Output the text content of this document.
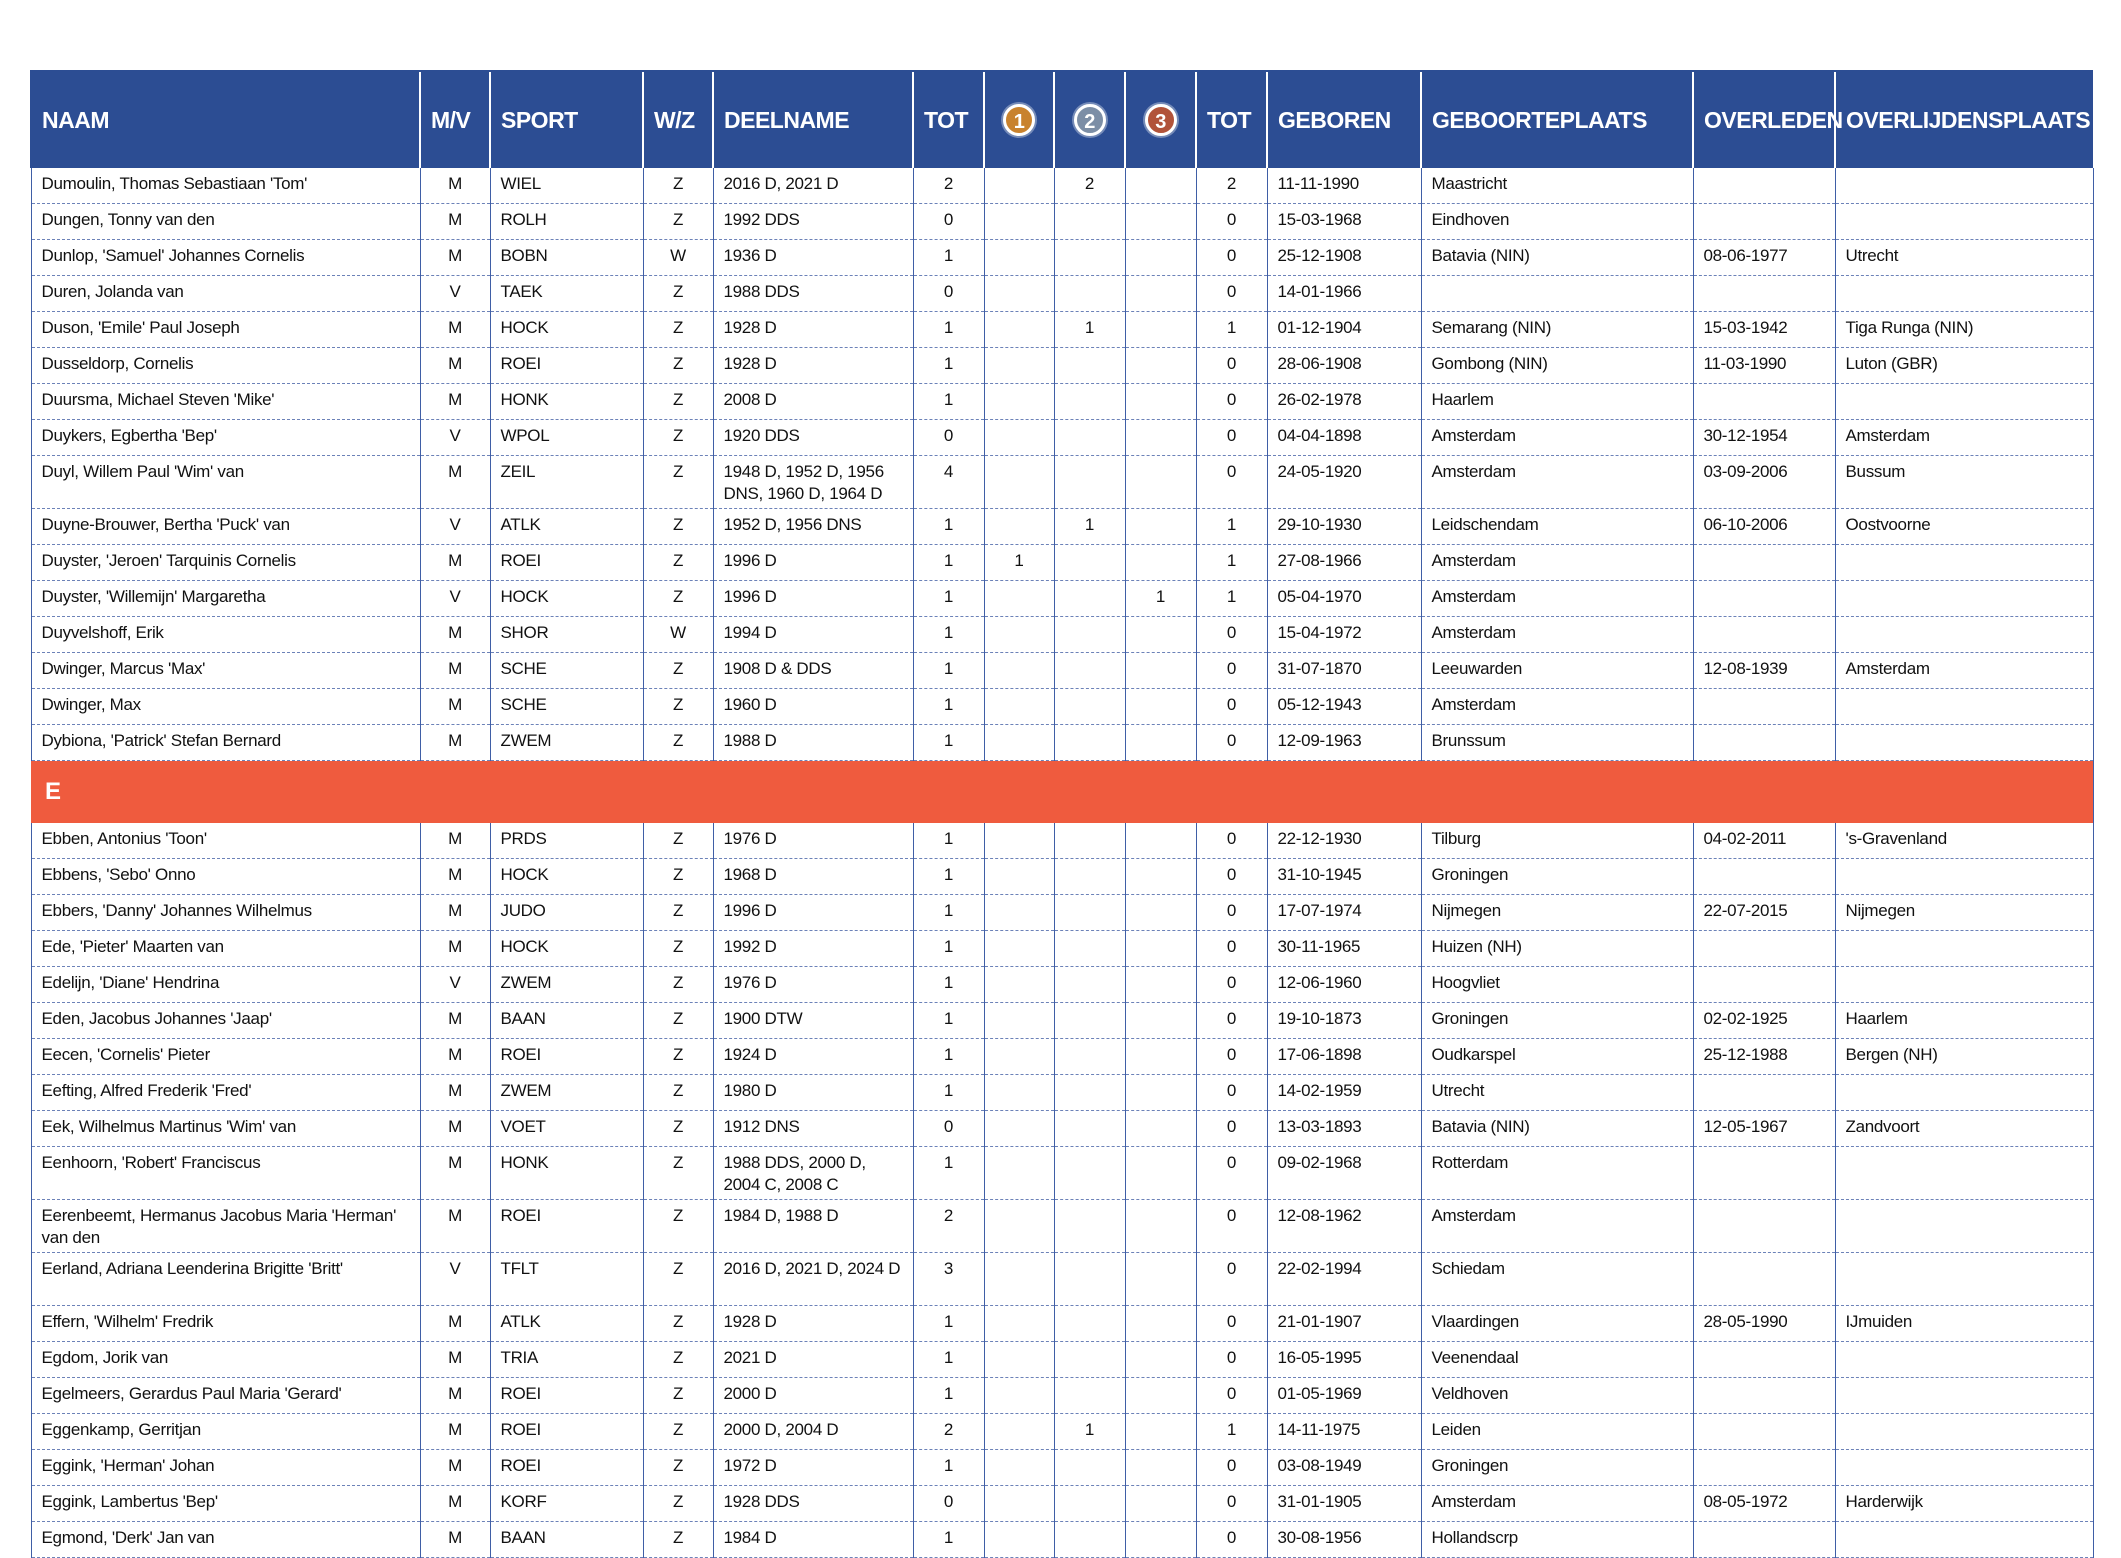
NAAM	M/V	SPORT	W/Z	DEELNAME	TOT	1	2	3	TOT	GEBOREN	GEBOORTEPLAATS	OVERLEDEN	OVERLIJDENSPLAATS
Dumoulin, Thomas Sebastiaan 'Tom'	M	WIEL	Z	2016 D, 2021 D	2		2		2	11-11-1990	Maastricht		
Dungen, Tonny van den	M	ROLH	Z	1992 DDS	0				0	15-03-1968	Eindhoven		
Dunlop, 'Samuel' Johannes Cornelis	M	BOBN	W	1936 D	1				0	25-12-1908	Batavia (NIN)	08-06-1977	Utrecht
Duren, Jolanda van	V	TAEK	Z	1988 DDS	0				0	14-01-1966			
Duson, 'Emile' Paul Joseph	M	HOCK	Z	1928 D	1		1		1	01-12-1904	Semarang (NIN)	15-03-1942	Tiga Runga (NIN)
Dusseldorp, Cornelis	M	ROEI	Z	1928 D	1				0	28-06-1908	Gombong (NIN)	11-03-1990	Luton (GBR)
Duursma, Michael Steven 'Mike'	M	HONK	Z	2008 D	1				0	26-02-1978	Haarlem		
Duykers, Egbertha 'Bep'	V	WPOL	Z	1920 DDS	0				0	04-04-1898	Amsterdam	30-12-1954	Amsterdam
Duyl, Willem Paul 'Wim' van	M	ZEIL	Z	1948 D, 1952 D, 1956 DNS, 1960 D, 1964 D	4				0	24-05-1920	Amsterdam	03-09-2006	Bussum
Duyne-Brouwer, Bertha 'Puck' van	V	ATLK	Z	1952 D, 1956 DNS	1		1		1	29-10-1930	Leidschendam	06-10-2006	Oostvoorne
Duyster, 'Jeroen' Tarquinis Cornelis	M	ROEI	Z	1996 D	1	1			1	27-08-1966	Amsterdam		
Duyster, 'Willemijn' Margaretha	V	HOCK	Z	1996 D	1			1	1	05-04-1970	Amsterdam		
Duyvelshoff, Erik	M	SHOR	W	1994 D	1				0	15-04-1972	Amsterdam		
Dwinger, Marcus 'Max'	M	SCHE	Z	1908 D & DDS	1				0	31-07-1870	Leeuwarden	12-08-1939	Amsterdam
Dwinger, Max	M	SCHE	Z	1960 D	1				0	05-12-1943	Amsterdam		
Dybiona, 'Patrick' Stefan Bernard	M	ZWEM	Z	1988 D	1				0	12-09-1963	Brunssum		
E													
Ebben, Antonius 'Toon'	M	PRDS	Z	1976 D	1				0	22-12-1930	Tilburg	04-02-2011	's-Gravenland
Ebbens, 'Sebo' Onno	M	HOCK	Z	1968 D	1				0	31-10-1945	Groningen		
Ebbers, 'Danny' Johannes Wilhelmus	M	JUDO	Z	1996 D	1				0	17-07-1974	Nijmegen	22-07-2015	Nijmegen
Ede, 'Pieter' Maarten van	M	HOCK	Z	1992 D	1				0	30-11-1965	Huizen (NH)		
Edelijn, 'Diane' Hendrina	V	ZWEM	Z	1976 D	1				0	12-06-1960	Hoogvliet		
Eden, Jacobus Johannes 'Jaap'	M	BAAN	Z	1900 DTW	1				0	19-10-1873	Groningen	02-02-1925	Haarlem
Eecen, 'Cornelis' Pieter	M	ROEI	Z	1924 D	1				0	17-06-1898	Oudkarspel	25-12-1988	Bergen (NH)
Eefting, Alfred Frederik 'Fred'	M	ZWEM	Z	1980 D	1				0	14-02-1959	Utrecht		
Eek, Wilhelmus Martinus 'Wim' van	M	VOET	Z	1912 DNS	0				0	13-03-1893	Batavia (NIN)	12-05-1967	Zandvoort
Eenhoorn, 'Robert' Franciscus	M	HONK	Z	1988 DDS, 2000 D, 2004 C, 2008 C	1				0	09-02-1968	Rotterdam		
Eerenbeemt, Hermanus Jacobus Maria 'Herman' van den	M	ROEI	Z	1984 D, 1988 D	2				0	12-08-1962	Amsterdam		
Eerland, Adriana Leenderina Brigitte 'Britt'	V	TFLT	Z	2016 D, 2021 D, 2024 D	3				0	22-02-1994	Schiedam		
Effern, 'Wilhelm' Fredrik	M	ATLK	Z	1928 D	1				0	21-01-1907	Vlaardingen	28-05-1990	IJmuiden
Egdom, Jorik van	M	TRIA	Z	2021 D	1				0	16-05-1995	Veenendaal		
Egelmeers, Gerardus Paul Maria 'Gerard'	M	ROEI	Z	2000 D	1				0	01-05-1969	Veldhoven		
Eggenkamp, Gerritjan	M	ROEI	Z	2000 D, 2004 D	2		1		1	14-11-1975	Leiden		
Eggink, 'Herman' Johan	M	ROEI	Z	1972 D	1				0	03-08-1949	Groningen		
Eggink, Lambertus 'Bep'	M	KORF	Z	1928 DDS	0				0	31-01-1905	Amsterdam	08-05-1972	Harderwijk
Egmond, 'Derk' Jan van	M	BAAN	Z	1984 D	1				0	30-08-1956	Hollandscrp		
